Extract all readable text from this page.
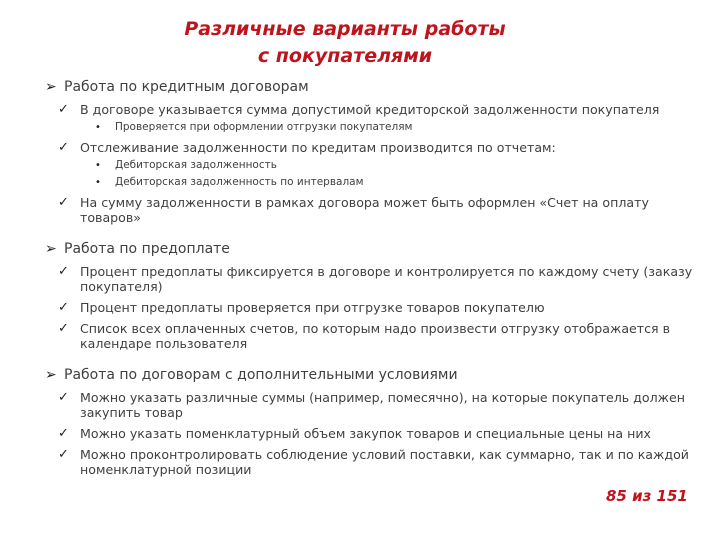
Различные варианты работы
с покупателями
➢ Работа по кредитным договорам
✓ В договоре указывается сумма допустимой кредиторской задолженности покупателя
• Проверяется при оформлении отгрузки покупателям
✓ Отслеживание задолженности по кредитам производится по отчетам:
• Дебиторская задолженность
• Дебиторская задолженность по интервалам
✓ На сумму задолженности в рамках договора может быть оформлен «Счет на оплату товаров»
➢ Работа по предоплате
✓ Процент предоплаты фиксируется в договоре и контролируется по каждому счету (заказу покупателя)
✓ Процент предоплаты проверяется при отгрузке товаров покупателю
✓ Список всех оплаченных счетов, по которым надо произвести отгрузку отображается в календаре пользователя
➢ Работа по договорам с дополнительными условиями
✓ Можно указать различные суммы (например, помесячно), на которые покупатель должен закупить товар
✓ Можно указать поменклатурный объем закупок товаров и специальные цены на них
✓ Можно проконтролировать соблюдение условий поставки, как суммарно, так и по каждой номенклатурной позиции
85 из 151
